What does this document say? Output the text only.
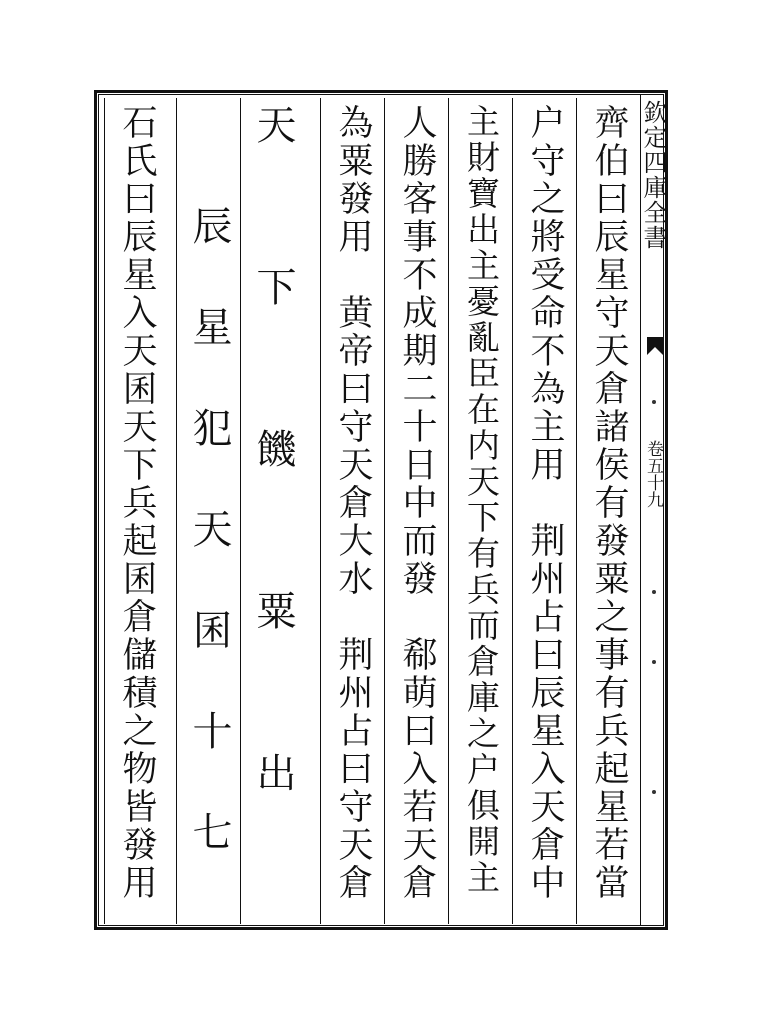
欽定四庫全書
卷五十九
齊伯曰辰星守天倉諸侯有發粟之事有兵起星若當
户守之將受命不為主用　荆州占曰辰星入天倉中
主財寶出主憂亂臣在内天下有兵而倉庫之户俱開主
人勝客事不成期二十日中而發　郗萌曰入若天倉
為粟發用　黄帝曰守天倉大水　荆州占曰守天倉
天下饑粟出
　辰星犯天囷十七
石氏曰辰星入天囷天下兵起囷倉儲積之物皆發用
